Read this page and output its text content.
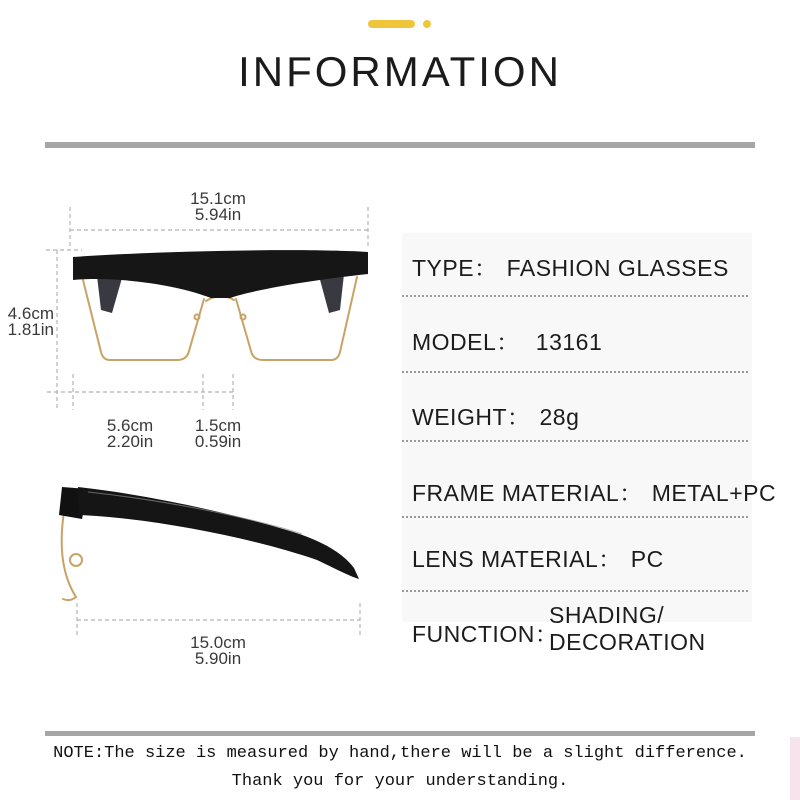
INFORMATION
15.1cm
5.94in
4.6cm
1.81in
5.6cm
2.20in
1.5cm
0.59in
15.0cm
5.90in
TYPE： FASHION GLASSES
MODEL： 13161
WEIGHT： 28g
FRAME MATERIAL： METAL+PC
LENS MATERIAL： PC
FUNCTION：
SHADING/
DECORATION
NOTE:The size is measured by hand,there will be a slight difference.
Thank you for your understanding.
